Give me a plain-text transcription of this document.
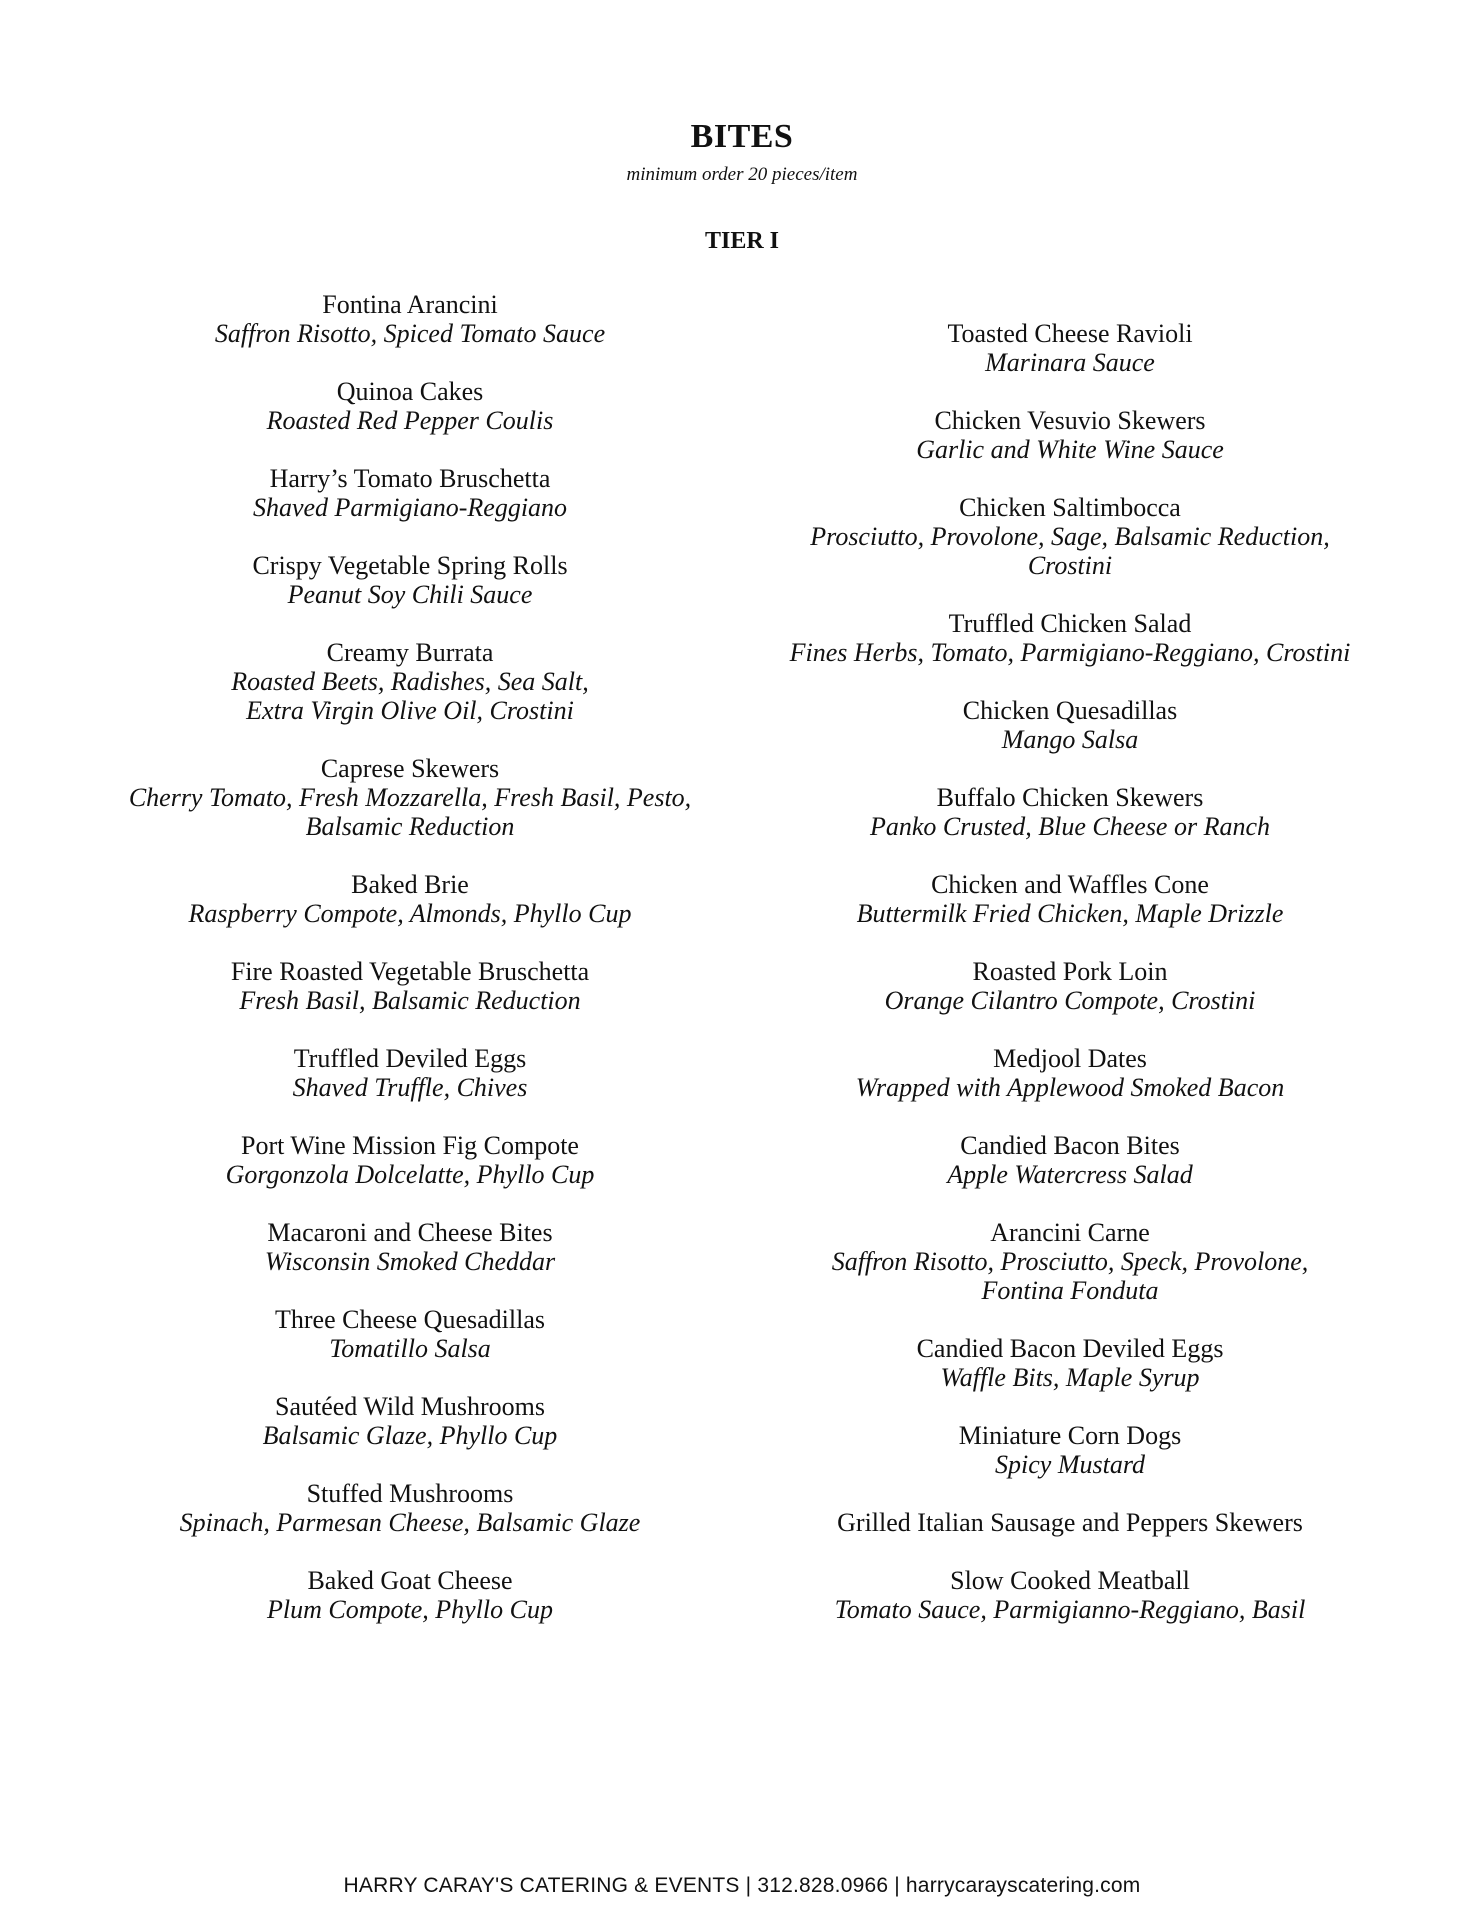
BITES

minimum order 20 pieces/item

TIER I
Fontina Arancini
Saffron Risotto, Spiced Tomato Sauce
Quinoa Cakes
Roasted Red Pepper Coulis
Harry’s Tomato Bruschetta
Shaved Parmigiano-Reggiano
Crispy Vegetable Spring Rolls
Peanut Soy Chili Sauce
Creamy Burrata
Roasted Beets, Radishes, Sea Salt,
Extra Virgin Olive Oil, Crostini
Caprese Skewers
Cherry Tomato, Fresh Mozzarella, Fresh Basil, Pesto,
Balsamic Reduction
Baked Brie
Raspberry Compote, Almonds, Phyllo Cup
Fire Roasted Vegetable Bruschetta
Fresh Basil, Balsamic Reduction
Truffled Deviled Eggs
Shaved Truffle, Chives
Port Wine Mission Fig Compote
Gorgonzola Dolcelatte, Phyllo Cup
Macaroni and Cheese Bites
Wisconsin Smoked Cheddar
Three Cheese Quesadillas
Tomatillo Salsa
Sautéed Wild Mushrooms
Balsamic Glaze, Phyllo Cup
Stuffed Mushrooms
Spinach, Parmesan Cheese, Balsamic Glaze
Baked Goat Cheese
Plum Compote, Phyllo Cup
Toasted Cheese Ravioli
Marinara Sauce
Chicken Vesuvio Skewers
Garlic and White Wine Sauce
Chicken Saltimbocca
Prosciutto, Provolone, Sage, Balsamic Reduction,
Crostini
Truffled Chicken Salad
Fines Herbs, Tomato, Parmigiano-Reggiano, Crostini
Chicken Quesadillas
Mango Salsa
Buffalo Chicken Skewers
Panko Crusted, Blue Cheese or Ranch
Chicken and Waffles Cone
Buttermilk Fried Chicken, Maple Drizzle
Roasted Pork Loin
Orange Cilantro Compote, Crostini
Medjool Dates
Wrapped with Applewood Smoked Bacon
Candied Bacon Bites
Apple Watercress Salad
Arancini Carne
Saffron Risotto, Prosciutto, Speck, Provolone,
Fontina Fonduta
Candied Bacon Deviled Eggs
Waffle Bits, Maple Syrup
Miniature Corn Dogs
Spicy Mustard
Grilled Italian Sausage and Peppers Skewers
Slow Cooked Meatball
Tomato Sauce, Parmigianno-Reggiano, Basil
HARRY CARAY'S CATERING & EVENTS | 312.828.0966 | harrycarayscatering.com
